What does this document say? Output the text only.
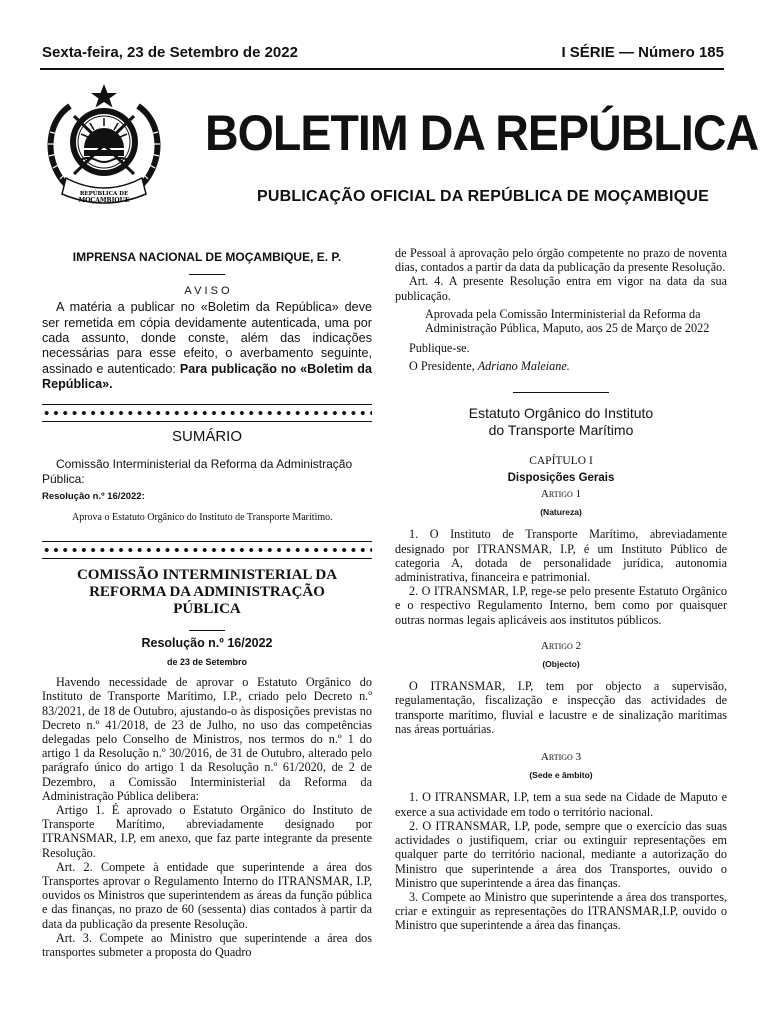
Sexta-feira, 23 de Setembro de 2022	I SÉRIE — Número 185
REPÚBLICA DE
MOÇAMBIQUE
BOLETIM DA REPÚBLICA
PUBLICAÇÃO OFICIAL DA REPÚBLICA DE MOÇAMBIQUE

IMPRENSA NACIONAL DE MOÇAMBIQUE, E. P.

A V I S O

A matéria a publicar no «Boletim da República» deve ser remetida em cópia devidamente autenticada, uma por cada assunto, donde conste, além das indicações necessárias para esse efeito, o averbamento seguinte, assinado e autenticado: Para publicação no «Boletim da República».

SUMÁRIO

Comissão Interministerial da Reforma da Administração Pública:

Resolução n.º 16/2022:

Aprova o Estatuto Orgânico do Instituto de Transporte Marítimo.

COMISSÃO INTERMINISTERIAL DA REFORMA DA ADMINISTRAÇÃO PÚBLICA

Resolução n.º 16/2022

de 23 de Setembro

Havendo necessidade de aprovar o Estatuto Orgânico do Instituto de Transporte Marítimo, I.P., criado pelo Decreto n.º 83/2021, de 18 de Outubro, ajustando-o às disposições previstas no Decreto n.º 41/2018, de 23 de Julho, no uso das competências delegadas pelo Conselho de Ministros, nos termos do n.º 1 do artigo 1 da Resolução n.º 30/2016, de 31 de Outubro, alterado pelo parágrafo único do artigo 1 da Resolução n.º 61/2020, de 2 de Dezembro, a Comissão Interministerial da Reforma da Administração Pública delibera:

Artigo 1. É aprovado o Estatuto Orgânico do Instituto de Transporte Marítimo, abreviadamente designado por ITRANSMAR, I.P, em anexo, que faz parte integrante da presente Resolução.

Art. 2. Compete à entidade que superintende a área dos Transportes aprovar o Regulamento Interno do ITRANSMAR, I.P, ouvidos os Ministros que superintendem as áreas da função pública e das finanças, no prazo de 60 (sessenta) dias contados à partir da data da publicação da presente Resolução.

Art. 3. Compete ao Ministro que superintende a área dos transportes submeter a proposta do Quadro

de Pessoal à aprovação pelo órgão competente no prazo de noventa dias, contados a partir da data da publicação da presente Resolução.

Art. 4. A presente Resolução entra em vigor na data da sua publicação.

Aprovada pela Comissão Interministerial da Reforma da Administração Pública, Maputo, aos 25 de Março de 2022

Publique-se.

O Presidente, Adriano Maleiane.

Estatuto Orgânico do Instituto

do Transporte Marítimo

CAPÍTULO I

Disposições Gerais

Artigo 1

(Natureza)

1. O Instituto de Transporte Marítimo, abreviadamente designado por ITRANSMAR, I.P, é um Instituto Público de categoria A, dotada de personalidade jurídica, autonomia administrativa, financeira e patrimonial.

2. O ITRANSMAR, I.P, rege-se pelo presente Estatuto Orgânico e o respectivo Regulamento Interno, bem como por quaisquer outras normas legais aplicáveis aos institutos públicos.

Artigo 2

(Objecto)

O ITRANSMAR, I.P, tem por objecto a supervisão, regulamentação, fiscalização e inspecção das actividades de transporte marítimo, fluvial e lacustre e de sinalização marítimas nas áreas portuárias.

Artigo 3

(Sede e âmbito)

1. O ITRANSMAR, I.P, tem a sua sede na Cidade de Maputo e exerce a sua actividade em todo o território nacional.

2. O ITRANSMAR, I.P, pode, sempre que o exercício das suas actividades o justifiquem, criar ou extinguir representações em qualquer parte do território nacional, mediante a autorização do Ministro que superintende a área dos Transportes, ouvido o Ministro que superintende a área das finanças.

3. Compete ao Ministro que superintende a área dos transportes, criar e extinguir as representações do ITRANSMAR,I.P, ouvido o Ministro que superintende a área das finanças.
